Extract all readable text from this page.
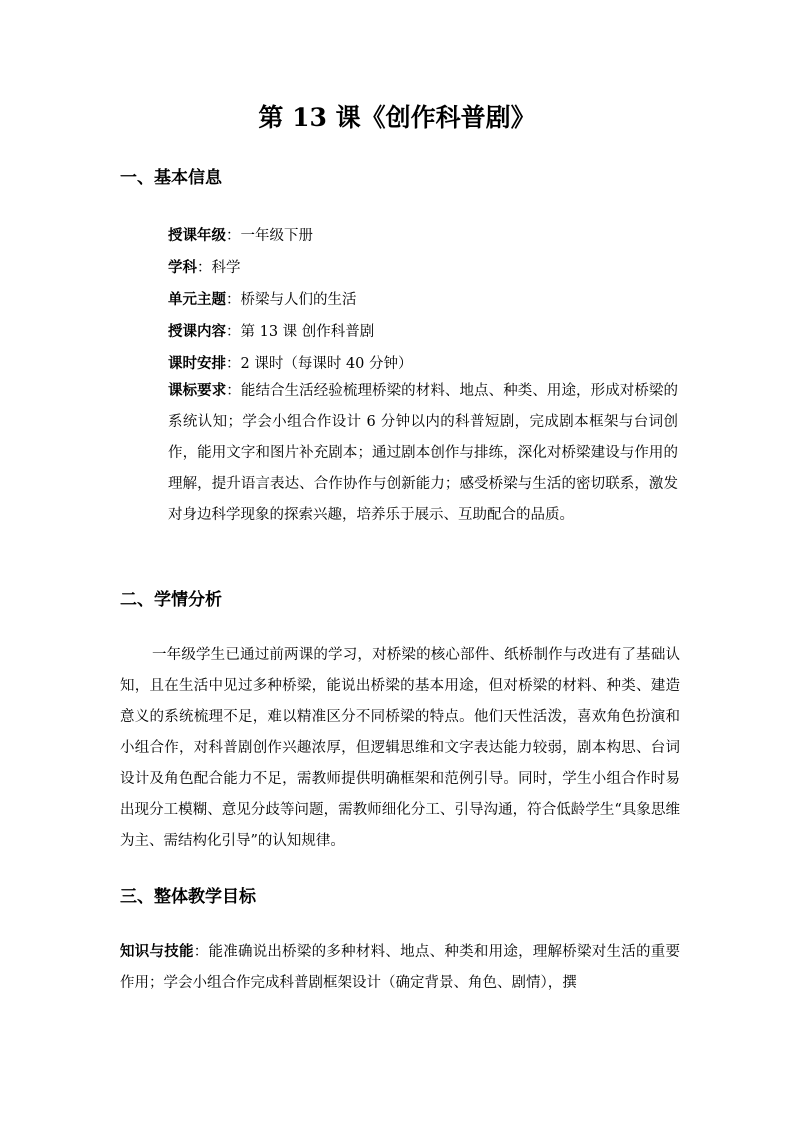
第 13 课《创作科普剧》
一、基本信息

授课年级：一年级下册

学科：科学

单元主题：桥梁与人们的生活

授课内容：第 13 课 创作科普剧

课时安排：2 课时（每课时 40 分钟）

课标要求：能结合生活经验梳理桥梁的材料、地点、种类、用途，形成对桥梁的系统认知；学会小组合作设计 6 分钟以内的科普短剧，完成剧本框架与台词创作，能用文字和图片补充剧本；通过剧本创作与排练，深化对桥梁建设与作用的理解，提升语言表达、合作协作与创新能力；感受桥梁与生活的密切联系，激发对身边科学现象的探索兴趣，培养乐于展示、互助配合的品质。

二、学情分析

一年级学生已通过前两课的学习，对桥梁的核心部件、纸桥制作与改进有了基础认知，且在生活中见过多种桥梁，能说出桥梁的基本用途，但对桥梁的材料、种类、建造意义的系统梳理不足，难以精准区分不同桥梁的特点。他们天性活泼，喜欢角色扮演和小组合作，对科普剧创作兴趣浓厚，但逻辑思维和文字表达能力较弱，剧本构思、台词设计及角色配合能力不足，需教师提供明确框架和范例引导。同时，学生小组合作时易出现分工模糊、意见分歧等问题，需教师细化分工、引导沟通，符合低龄学生“具象思维为主、需结构化引导”的认知规律。

三、整体教学目标

知识与技能：能准确说出桥梁的多种材料、地点、种类和用途，理解桥梁对生活的重要作用；学会小组合作完成科普剧框架设计（确定背景、角色、剧情），撰
